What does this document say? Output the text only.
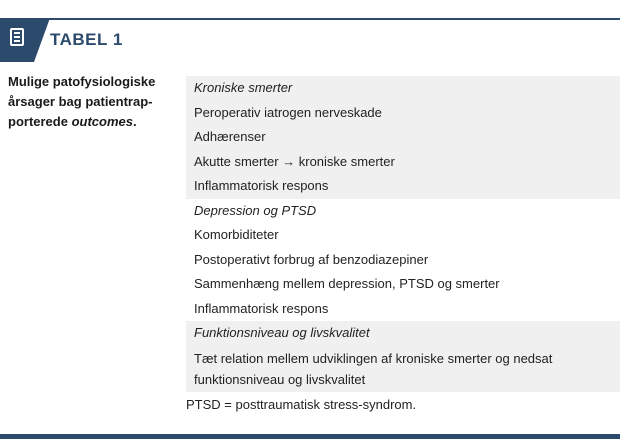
TABEL 1
Mulige patofysiologiske
årsager bag patientrap-
porterede outcomes.
Kroniske smerter
Peroperativ iatrogen nerveskade
Adhærenser
Akutte smerter → kroniske smerter
Inflammatorisk respons
Depression og PTSD
Komorbiditeter
Postoperativt forbrug af benzodiazepiner
Sammenhæng mellem depression, PTSD og smerter
Inflammatorisk respons
Funktionsniveau og livskvalitet
Tæt relation mellem udviklingen af kroniske smerter og nedsat funktionsniveau og livskvalitet
PTSD = posttraumatisk stress-syndrom.
